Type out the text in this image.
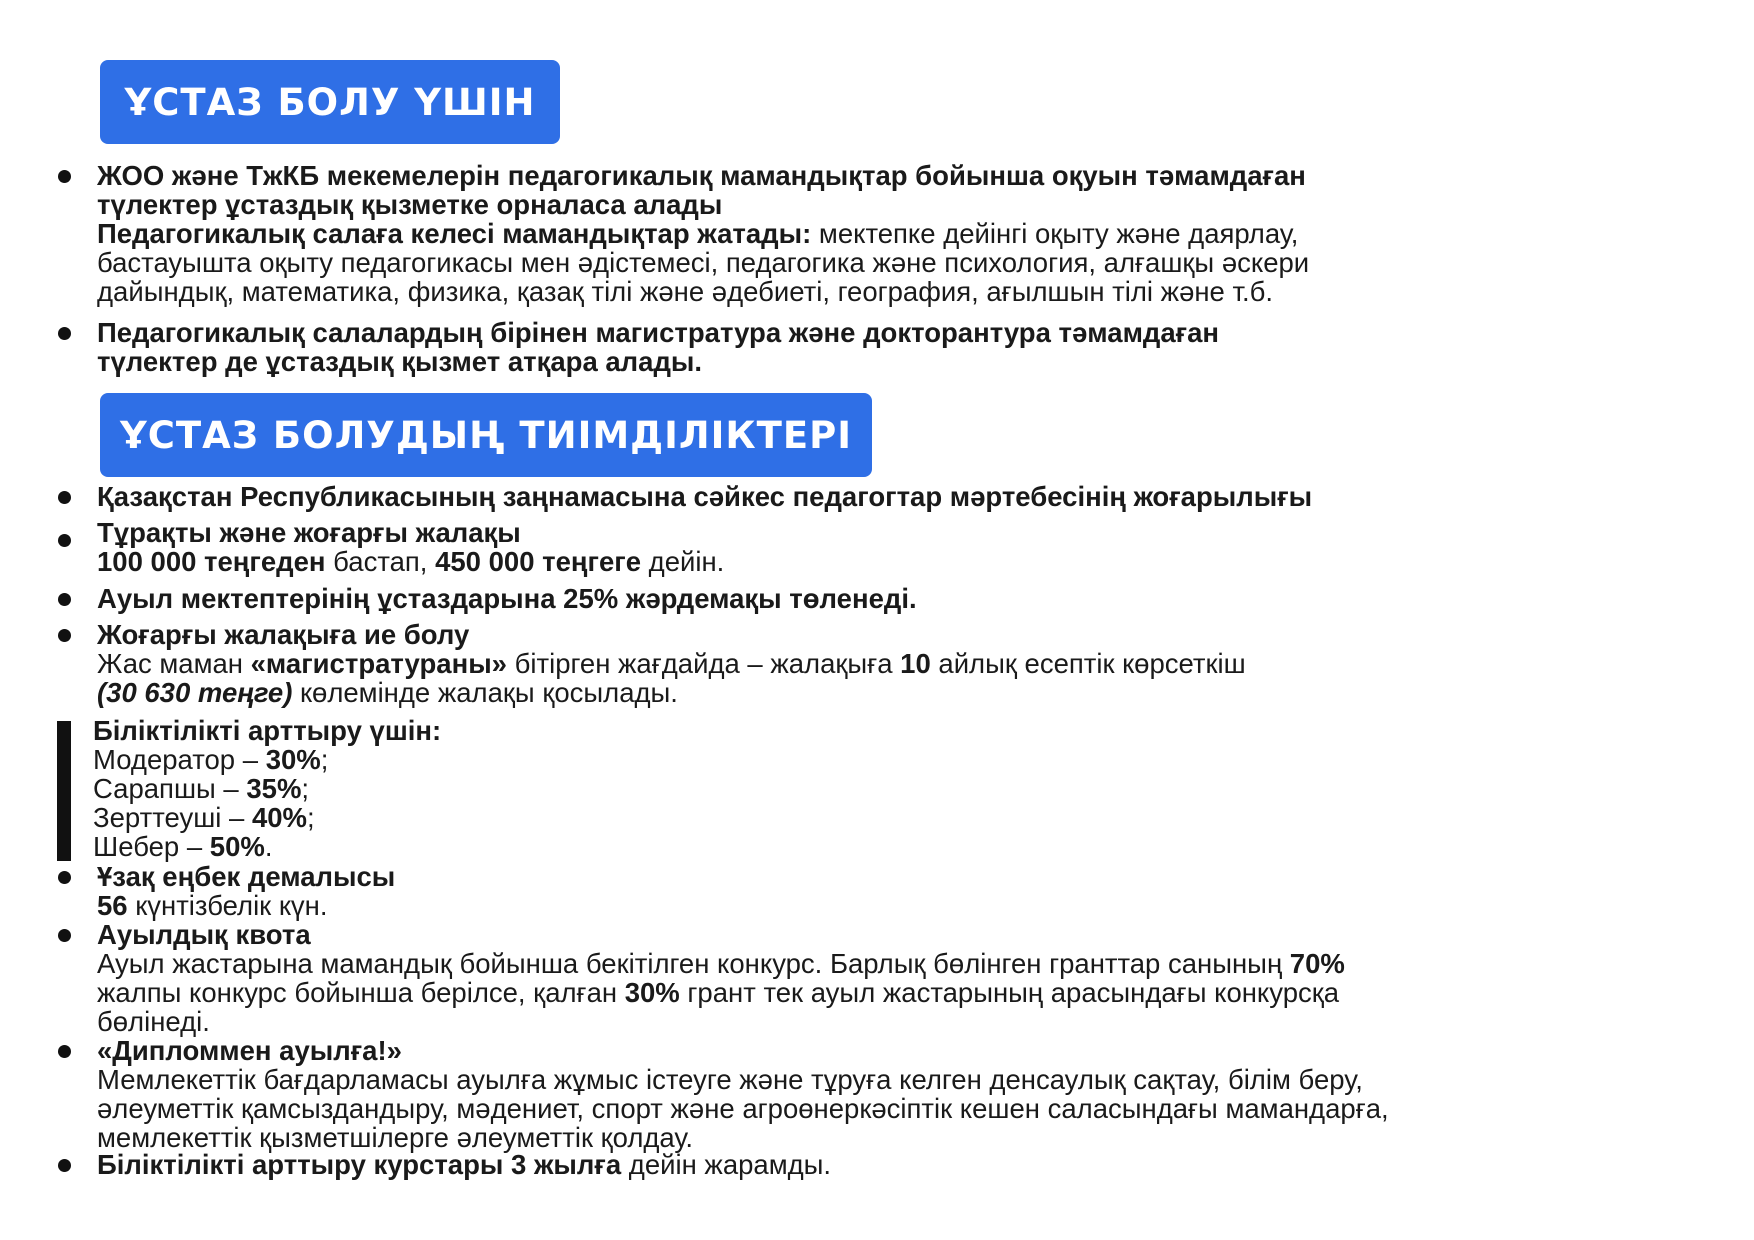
ҰСТАЗ БОЛУ ҮШІН
ЖОО және ТжКБ мекемелерін педагогикалық мамандықтар бойынша оқуын тәмамдаған
түлектер ұстаздық қызметке орналаса алады
Педагогикалық салаға келесі мамандықтар жатады: мектепке дейінгі оқыту және даярлау,
бастауышта оқыту педагогикасы мен әдістемесі, педагогика және психология, алғашқы әскери
дайындық, математика, физика, қазақ тілі және әдебиеті, география, ағылшын тілі және т.б.
Педагогикалық салалардың бірінен магистратура және докторантура тәмамдаған
түлектер де ұстаздық қызмет атқара алады.
ҰСТАЗ БОЛУДЫҢ ТИІМДІЛІКТЕРІ
Қазақстан Республикасының заңнамасына сәйкес педагогтар мәртебесінің жоғарылығы
Тұрақты және жоғарғы жалақы
100 000 теңгеден бастап, 450 000 теңгеге дейін.
Ауыл мектептерінің ұстаздарына 25% жәрдемақы төленеді.
Жоғарғы жалақыға ие болу
Жас маман «магистратураны» бітірген жағдайда – жалақыға 10 айлық есептік көрсеткіш
(30 630 теңге) көлемінде жалақы қосылады.
Біліктілікті арттыру үшін:
Модератор – 30%;
Сарапшы – 35%;
Зерттеуші – 40%;
Шебер – 50%.
Ұзақ еңбек демалысы
56 күнтізбелік күн.
Ауылдық квота
Ауыл жастарына мамандық бойынша бекітілген конкурс. Барлық бөлінген гранттар санының 70%
жалпы конкурс бойынша берілсе, қалған 30% грант тек ауыл жастарының арасындағы конкурсқа
бөлінеді.
«Дипломмен ауылға!»
Мемлекеттік бағдарламасы ауылға жұмыс істеуге және тұруға келген денсаулық сақтау, білім беру,
әлеуметтік қамсыздандыру, мәдениет, спорт және агроөнеркәсіптік кешен саласындағы мамандарға,
мемлекеттік қызметшілерге әлеуметтік қолдау.
Біліктілікті арттыру курстары 3 жылға дейін жарамды.
